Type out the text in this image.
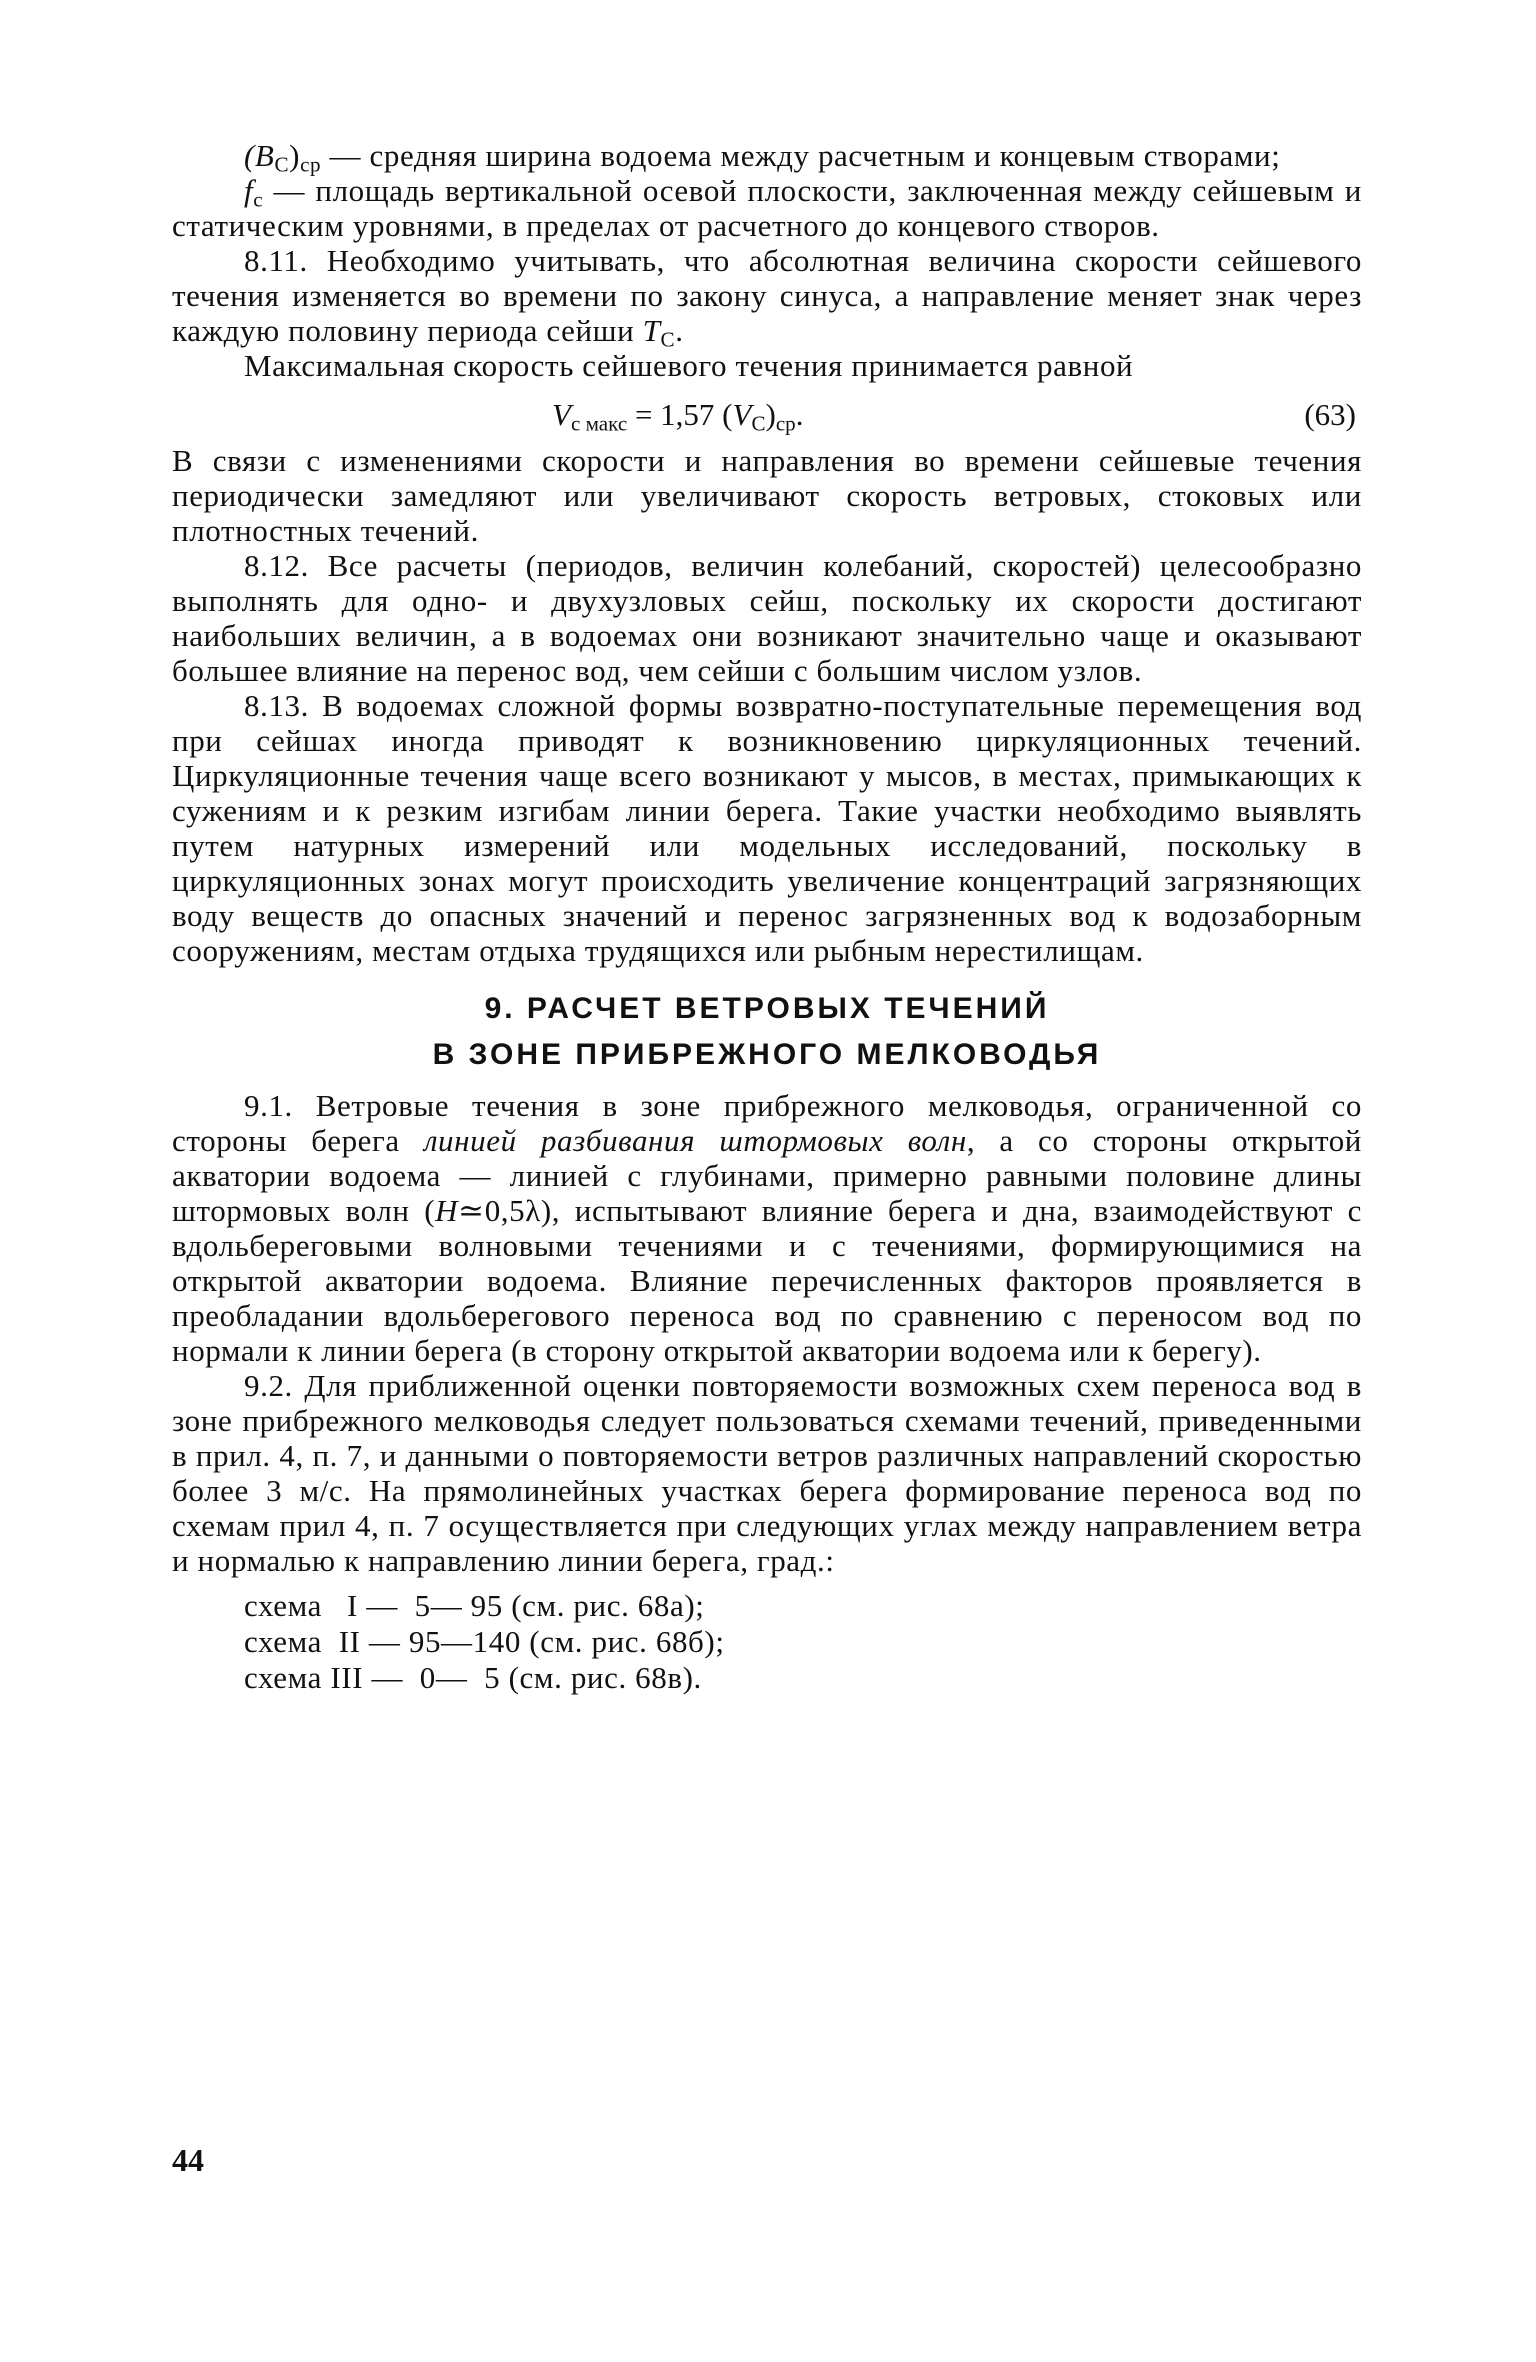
$(B_C)_{ср}$ — средняя ширина водоема между расчетным и концевым створами;

$f_c$ — площадь вертикальной осевой плоскости, заключенная между сейшевым и статическим уровнями, в пределах от расчетного до концевого створов.

8.11. Необходимо учитывать, что абсолютная величина скорости сейшевого течения изменяется во времени по закону синуса, а направление меняет знак через каждую половину периода сейши $T_C$.

Максимальная скорость сейшевого течения принимается равной

$V_{с макс} = 1,57$ $(V_C)_{ср}$.	(63)

В связи с изменениями скорости и направления во времени сейшевые течения периодически замедляют или увеличивают скорость ветровых, стоковых или плотностных течений.

8.12. Все расчеты (периодов, величин колебаний, скоростей) целесообразно выполнять для одно- и двухузловых сейш, поскольку их скорости достигают наибольших величин, а в водоемах они возникают значительно чаще и оказывают большее влияние на перенос вод, чем сейши с большим числом узлов.

8.13. В водоемах сложной формы возвратно-поступательные перемещения вод при сейшах иногда приводят к возникновению циркуляционных течений. Циркуляционные течения чаще всего возникают у мысов, в местах, примыкающих к сужениям и к резким изгибам линии берега. Такие участки необходимо выявлять путем натурных измерений или модельных исследований, поскольку в циркуляционных зонах могут происходить увеличение концентраций загрязняющих воду веществ до опасных значений и перенос загрязненных вод к водозаборным сооружениям, местам отдыха трудящихся или рыбным нерестилищам.

9. РАСЧЕТ ВЕТРОВЫХ ТЕЧЕНИЙ
В ЗОНЕ ПРИБРЕЖНОГО МЕЛКОВОДЬЯ

9.1. Ветровые течения в зоне прибрежного мелководья, ограниченной со стороны берега линией разбивания штормовых волн, а со стороны открытой акватории водоема — линией с глубинами, примерно равными половине длины штормовых волн (H≃0,5λ), испытывают влияние берега и дна, взаимодействуют с вдольбереговыми волновыми течениями и с течениями, формирующимися на открытой акватории водоема. Влияние перечисленных факторов проявляется в преобладании вдольберегового переноса вод по сравнению с переносом вод по нормали к линии берега (в сторону открытой акватории водоема или к берегу).

9.2. Для приближенной оценки повторяемости возможных схем переноса вод в зоне прибрежного мелководья следует пользоваться схемами течений, приведенными в прил. 4, п. 7, и данными о повторяемости ветров различных направлений скоростью более 3 м/с. На прямолинейных участках берега формирование переноса вод по схемам прил 4, п. 7 осуществляется при следующих углах между направлением ветра и нормалью к направлению линии берега, град.:

схема   I —  5— 95 (см. рис. 68а);
схема  II — 95—140 (см. рис. 68б);
схема III —  0—  5 (см. рис. 68в).
44
